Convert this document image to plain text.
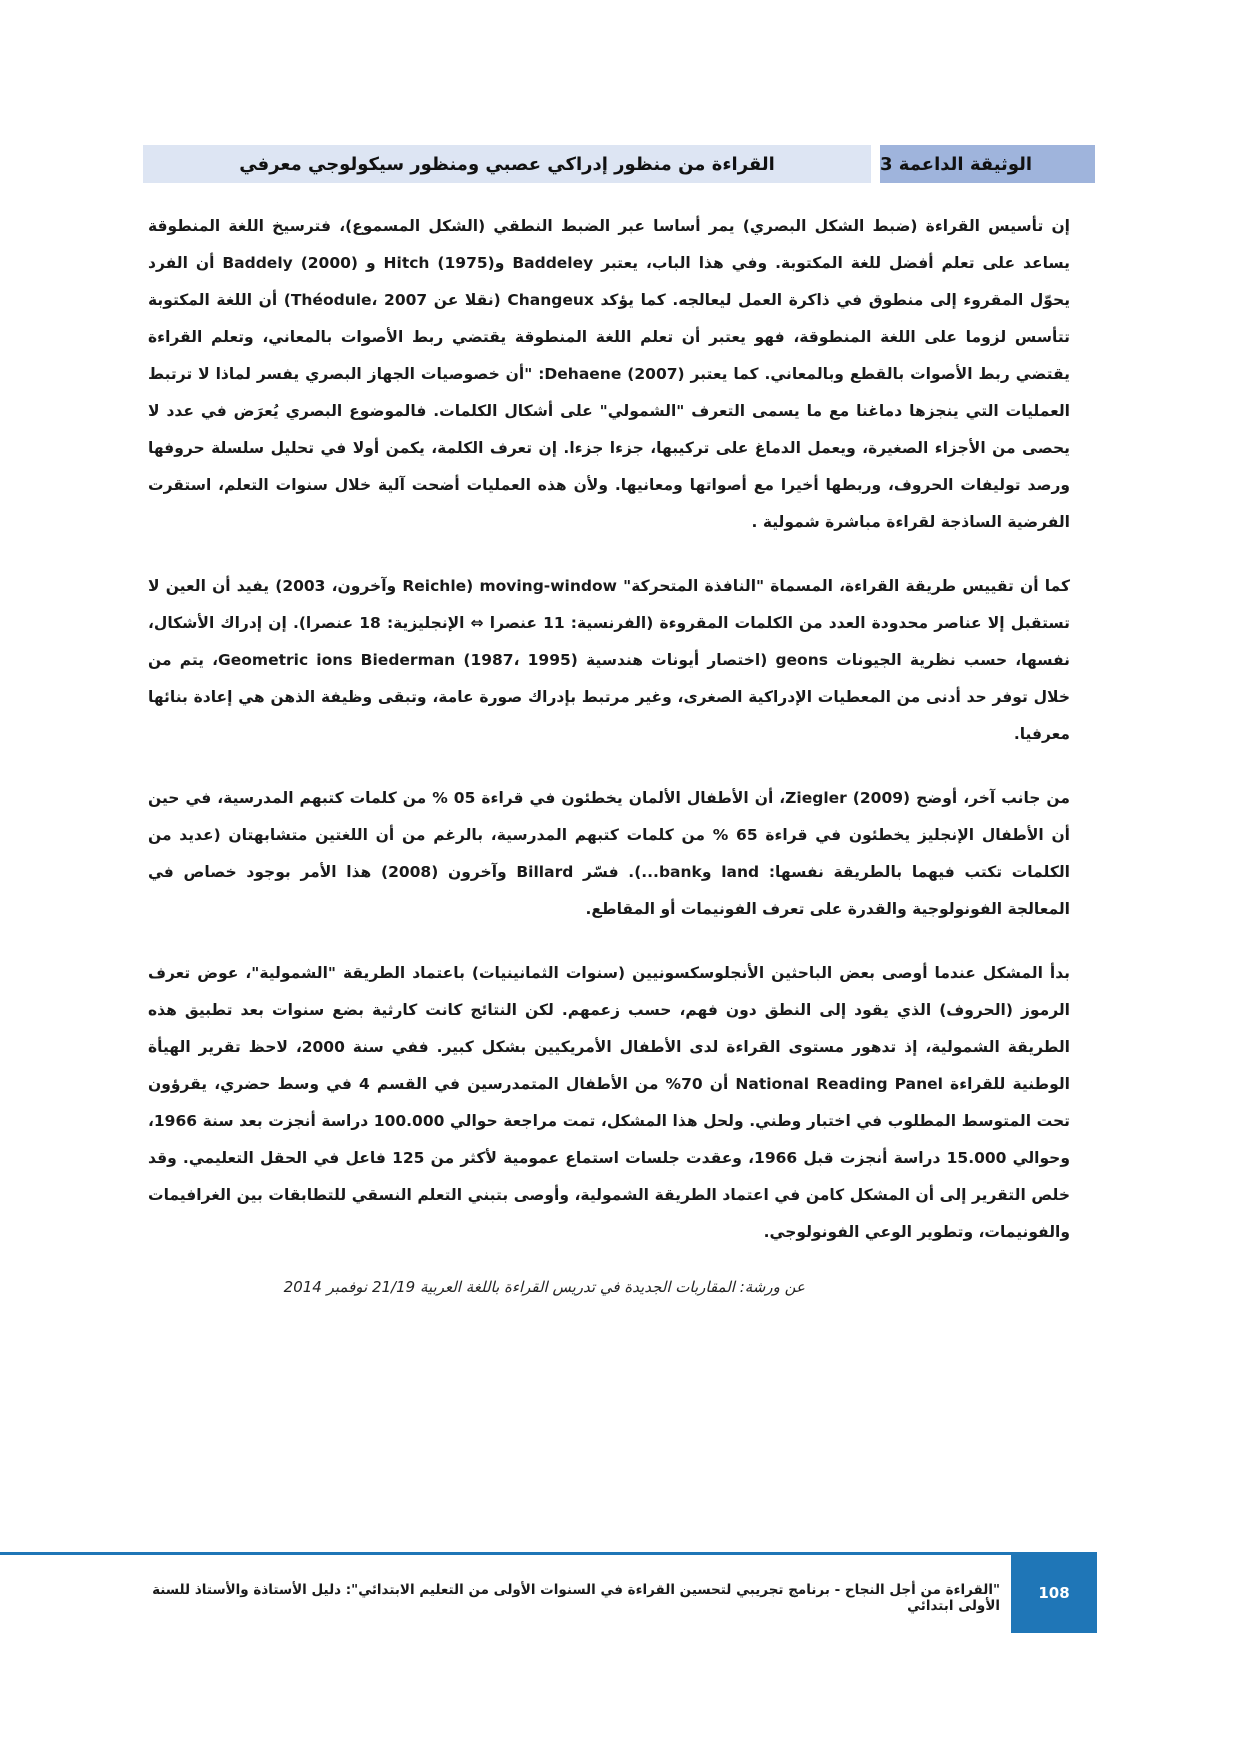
الوثيقة الداعمة 3
القراءة من منظور إدراكي عصبي ومنظور سيكولوجي معرفي

إن تأسيس القراءة (ضبط الشكل البصري) يمر أساسا عبر الضبط النطقي (الشكل المسموع)، فترسيخ اللغة المنطوقة يساعد على تعلم أفضل للغة المكتوبة. وفي هذا الباب، يعتبر Baddeley وHitch (1975) و Baddely (2000) أن الفرد يحوّل المقروء إلى منطوق في ذاكرة العمل ليعالجه. كما يؤكد Changeux (نقلا عن Théodule، 2007) أن اللغة المكتوبة تتأسس لزوما على اللغة المنطوقة، فهو يعتبر أن تعلم اللغة المنطوقة يقتضي ربط الأصوات بالمعاني، وتعلم القراءة يقتضي ربط الأصوات بالقطع وبالمعاني. كما يعتبر Dehaene (2007): "أن خصوصيات الجهاز البصري يفسر لماذا لا ترتبط العمليات التي ينجزها دماغنا مع ما يسمى التعرف "الشمولي" على أشكال الكلمات. فالموضوع البصري يُعرَض في عدد لا يحصى من الأجزاء الصغيرة، ويعمل الدماغ على تركيبها، جزءا جزءا. إن تعرف الكلمة، يكمن أولا في تحليل سلسلة حروفها ورصد توليفات الحروف، وربطها أخيرا مع أصواتها ومعانيها. ولأن هذه العمليات أضحت آلية خلال سنوات التعلم، استقرت الفرضية الساذجة لقراءة مباشرة شمولية .

كما أن تقييس طريقة القراءة، المسماة "النافذة المتحركة" moving-window (Reichle وآخرون، 2003) يفيد أن العين لا تستقبل إلا عناصر محدودة العدد من الكلمات المقروءة (الفرنسية: 11 عنصرا ⇔ الإنجليزية: 18 عنصرا). إن إدراك الأشكال، نفسها، حسب نظرية الجيونات geons (اختصار أيونات هندسية Geometric ions Biederman (1987، 1995)، يتم من خلال توفر حد أدنى من المعطيات الإدراكية الصغرى، وغير مرتبط بإدراك صورة عامة، وتبقى وظيفة الذهن هي إعادة بنائها معرفيا.

من جانب آخر، أوضح Ziegler (2009)، أن الأطفال الألمان يخطئون في قراءة 05 % من كلمات كتبهم المدرسية، في حين أن الأطفال الإنجليز يخطئون في قراءة 65 % من كلمات كتبهم المدرسية، بالرغم من أن اللغتين متشابهتان (عديد من الكلمات تكتب فيهما بالطريقة نفسها: land وbank...). فسّر Billard وآخرون (2008) هذا الأمر بوجود خصاص في المعالجة الفونولوجية والقدرة على تعرف الفونيمات أو المقاطع.

بدأ المشكل عندما أوصى بعض الباحثين الأنجلوسكسونيين (سنوات الثمانينيات) باعتماد الطريقة "الشمولية"، عوض تعرف الرموز (الحروف) الذي يقود إلى النطق دون فهم، حسب زعمهم. لكن النتائج كانت كارثية بضع سنوات بعد تطبيق هذه الطريقة الشمولية، إذ تدهور مستوى القراءة لدى الأطفال الأمريكيين بشكل كبير. ففي سنة 2000، لاحظ تقرير الهيأة الوطنية للقراءة National Reading Panel أن 70% من الأطفال المتمدرسين في القسم 4 في وسط حضري، يقرؤون تحت المتوسط المطلوب في اختبار وطني. ولحل هذا المشكل، تمت مراجعة حوالي 100.000 دراسة أنجزت بعد سنة 1966، وحوالي 15.000 دراسة أنجزت قبل 1966، وعقدت جلسات استماع عمومية لأكثر من 125 فاعل في الحقل التعليمي. وقد خلص التقرير إلى أن المشكل كامن في اعتماد الطريقة الشمولية، وأوصى بتبني التعلم النسقي للتطابقات بين الغرافيمات والفونيمات، وتطوير الوعي الفونولوجي.

عن ورشة: المقاربات الجديدة في تدريس القراءة باللغة العربية 21/19 نوفمبر 2014
"القراءة من أجل النجاح - برنامج تجريبي لتحسين القراءة في السنوات الأولى من التعليم الابتدائي": دليل الأستاذة والأستاذ للسنة الأولى ابتدائي
108
